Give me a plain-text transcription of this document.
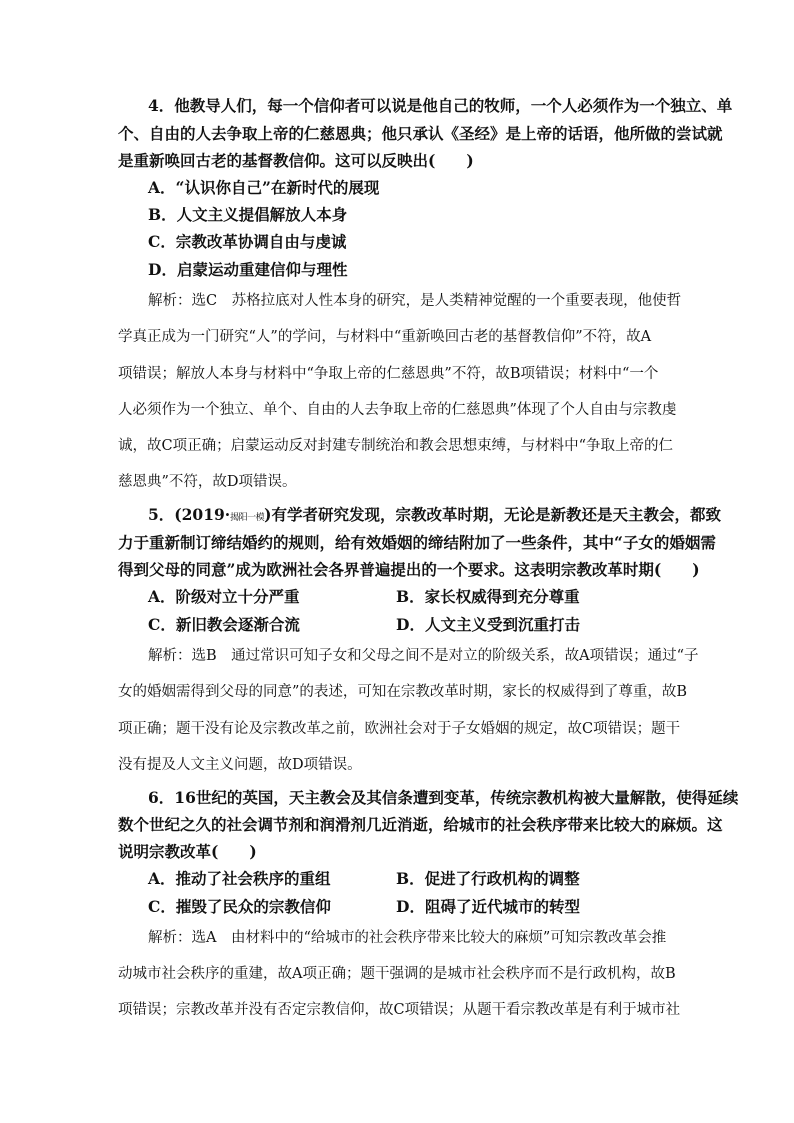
4．他教导人们，每一个信仰者可以说是他自己的牧师，一个人必须作为一个独立、单
个、自由的人去争取上帝的仁慈恩典；他只承认《圣经》是上帝的话语，他所做的尝试就
是重新唤回古老的基督教信仰。这可以反映出(　　)
A．“认识你自己”在新时代的展现
B．人文主义提倡解放人本身
C．宗教改革协调自由与虔诚
D．启蒙运动重建信仰与理性
解析：选C　苏格拉底对人性本身的研究，是人类精神觉醒的一个重要表现，他使哲
学真正成为一门研究“人”的学问，与材料中“重新唤回古老的基督教信仰”不符，故A
项错误；解放人本身与材料中“争取上帝的仁慈恩典”不符，故B项错误；材料中“一个
人必须作为一个独立、单个、自由的人去争取上帝的仁慈恩典”体现了个人自由与宗教虔
诚，故C项正确；启蒙运动反对封建专制统治和教会思想束缚，与材料中“争取上帝的仁
慈恩典”不符，故D项错误。
5．(2019·揭阳一模)有学者研究发现，宗教改革时期，无论是新教还是天主教会，都致
力于重新制订缔结婚约的规则，给有效婚姻的缔结附加了一些条件，其中“子女的婚姻需
得到父母的同意”成为欧洲社会各界普遍提出的一个要求。这表明宗教改革时期(　　)
A．阶级对立十分严重	B．家长权威得到充分尊重
C．新旧教会逐渐合流	D．人文主义受到沉重打击
解析：选B　通过常识可知子女和父母之间不是对立的阶级关系，故A项错误；通过“子
女的婚姻需得到父母的同意”的表述，可知在宗教改革时期，家长的权威得到了尊重，故B
项正确；题干没有论及宗教改革之前，欧洲社会对于子女婚姻的规定，故C项错误；题干
没有提及人文主义问题，故D项错误。
6．16世纪的英国，天主教会及其信条遭到变革，传统宗教机构被大量解散，使得延续
数个世纪之久的社会调节剂和润滑剂几近消逝，给城市的社会秩序带来比较大的麻烦。这
说明宗教改革(　　)
A．推动了社会秩序的重组	B．促进了行政机构的调整
C．摧毁了民众的宗教信仰	D．阻碍了近代城市的转型
解析：选A　由材料中的“给城市的社会秩序带来比较大的麻烦”可知宗教改革会推
动城市社会秩序的重建，故A项正确；题干强调的是城市社会秩序而不是行政机构，故B
项错误；宗教改革并没有否定宗教信仰，故C项错误；从题干看宗教改革是有利于城市社
